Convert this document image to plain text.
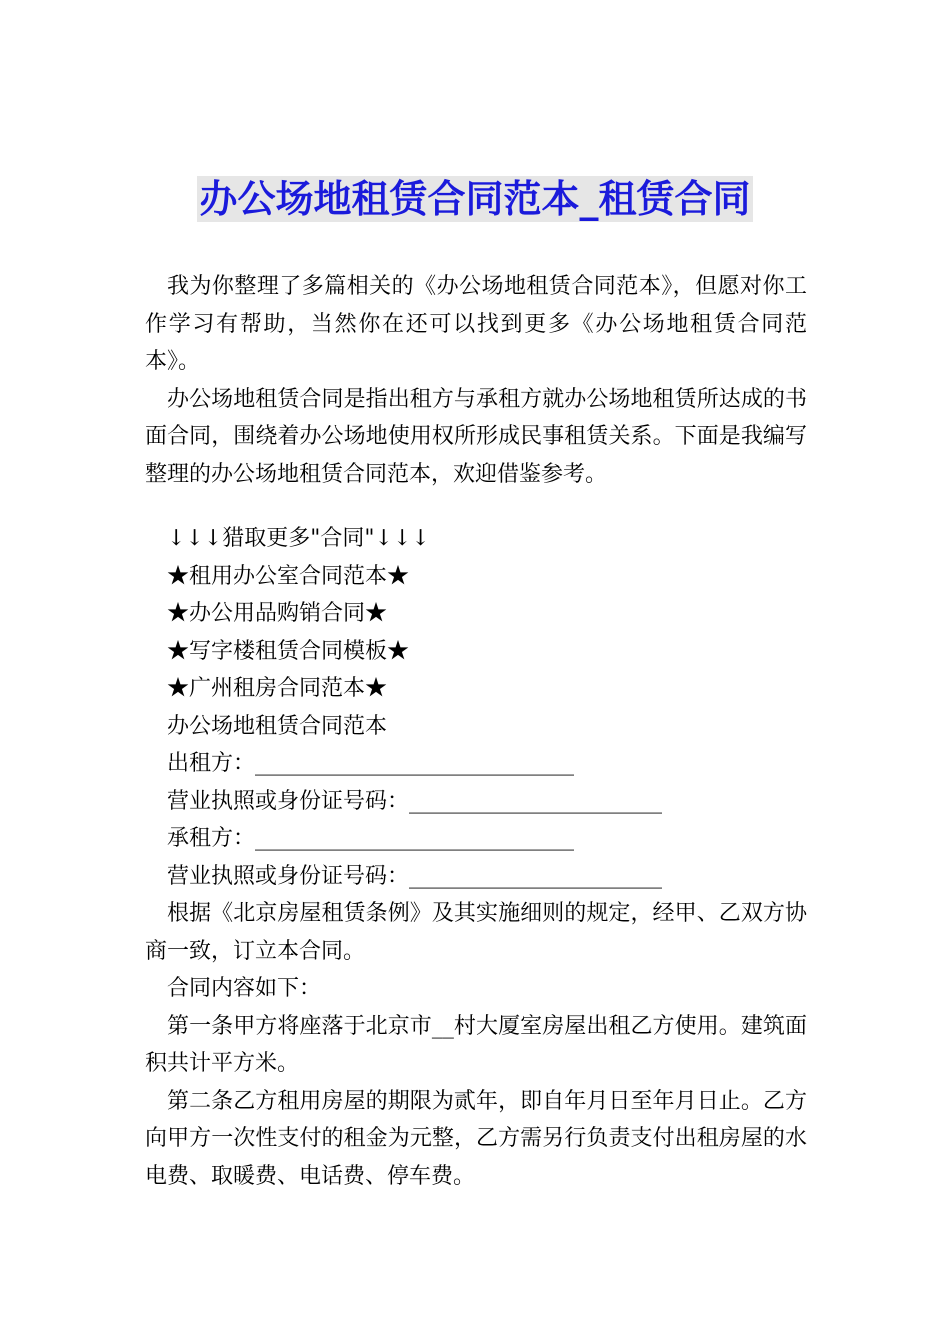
办公场地租赁合同范本_租赁合同

我为你整理了多篇相关的《办公场地租赁合同范本》，但愿对你工作学习有帮助，当然你在还可以找到更多《办公场地租赁合同范本》。

办公场地租赁合同是指出租方与承租方就办公场地租赁所达成的书面合同，围绕着办公场地使用权所形成民事租赁关系。下面是我编写整理的办公场地租赁合同范本，欢迎借鉴参考。

↓↓↓猎取更多"合同"↓↓↓

★租用办公室合同范本★

★办公用品购销合同★

★写字楼租赁合同模板★

★广州租房合同范本★

办公场地租赁合同范本

出租方：_____________________________

营业执照或身份证号码：_______________________

承租方：_____________________________

营业执照或身份证号码：_______________________

根据《北京房屋租赁条例》及其实施细则的规定，经甲、乙双方协商一致，订立本合同。

合同内容如下：

第一条甲方将座落于北京市__村大厦室房屋出租乙方使用。建筑面积共计平方米。

第二条乙方租用房屋的期限为贰年，即自年月日至年月日止。乙方向甲方一次性支付的租金为元整，乙方需另行负责支付出租房屋的水电费、取暖费、电话费、停车费。
